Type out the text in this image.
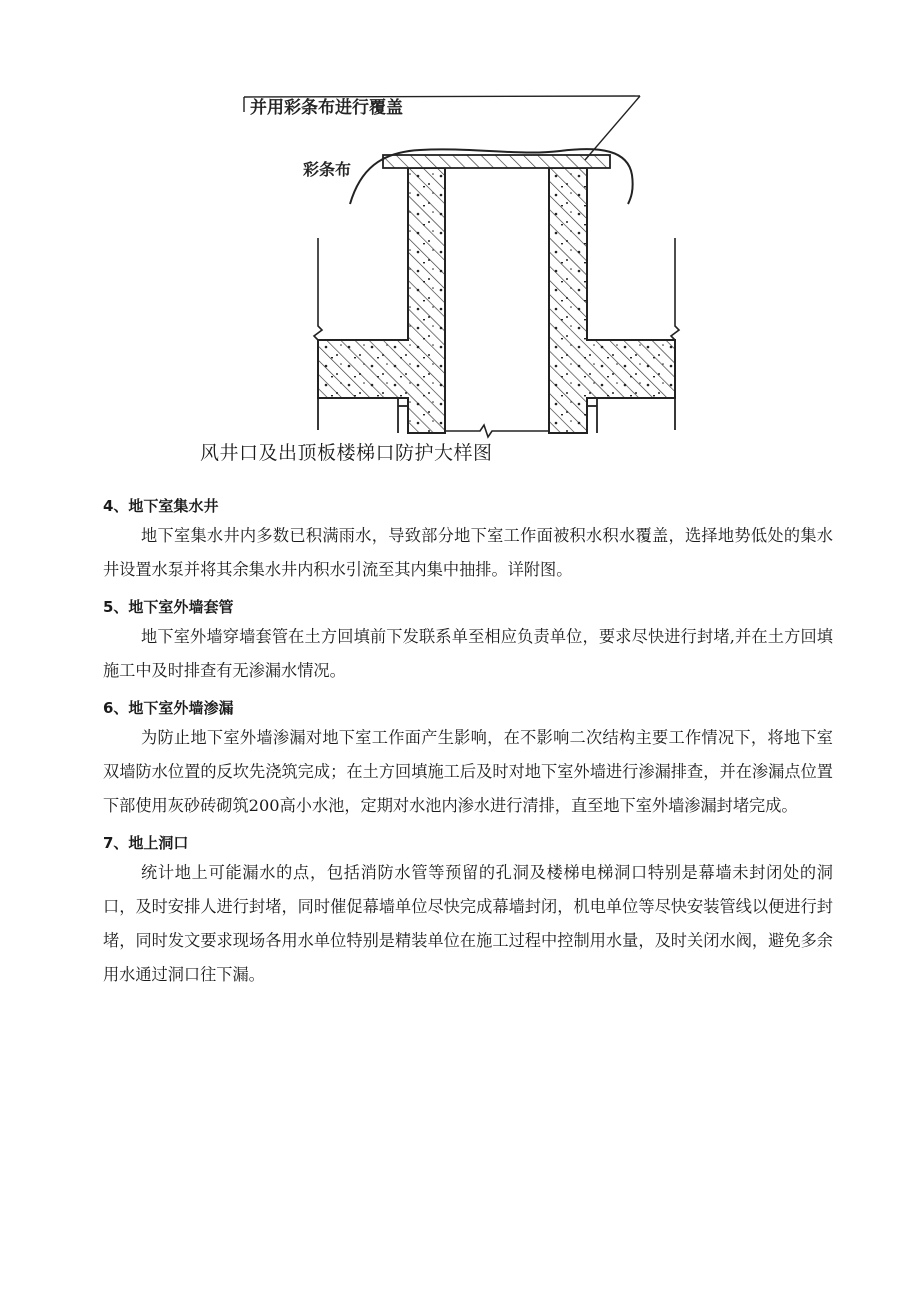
并用彩条布进行覆盖
彩条布
风井口及出顶板楼梯口防护大样图
4、地下室集水井

地下室集水井内多数已积满雨水，导致部分地下室工作面被积水积水覆盖，选择地势低处的集水井设置水泵并将其余集水井内积水引流至其内集中抽排。详附图。

5、地下室外墙套管

地下室外墙穿墙套管在土方回填前下发联系单至相应负责单位，要求尽快进行封堵,并在土方回填施工中及时排查有无渗漏水情况。

6、地下室外墙渗漏

为防止地下室外墙渗漏对地下室工作面产生影响，在不影响二次结构主要工作情况下，将地下室双墙防水位置的反坎先浇筑完成；在土方回填施工后及时对地下室外墙进行渗漏排查，并在渗漏点位置下部使用灰砂砖砌筑200高小水池，定期对水池内渗水进行清排，直至地下室外墙渗漏封堵完成。

7、地上洞口

统计地上可能漏水的点，包括消防水管等预留的孔洞及楼梯电梯洞口特别是幕墙未封闭处的洞口，及时安排人进行封堵，同时催促幕墙单位尽快完成幕墙封闭，机电单位等尽快安装管线以便进行封堵，同时发文要求现场各用水单位特别是精装单位在施工过程中控制用水量，及时关闭水阀，避免多余用水通过洞口往下漏。
